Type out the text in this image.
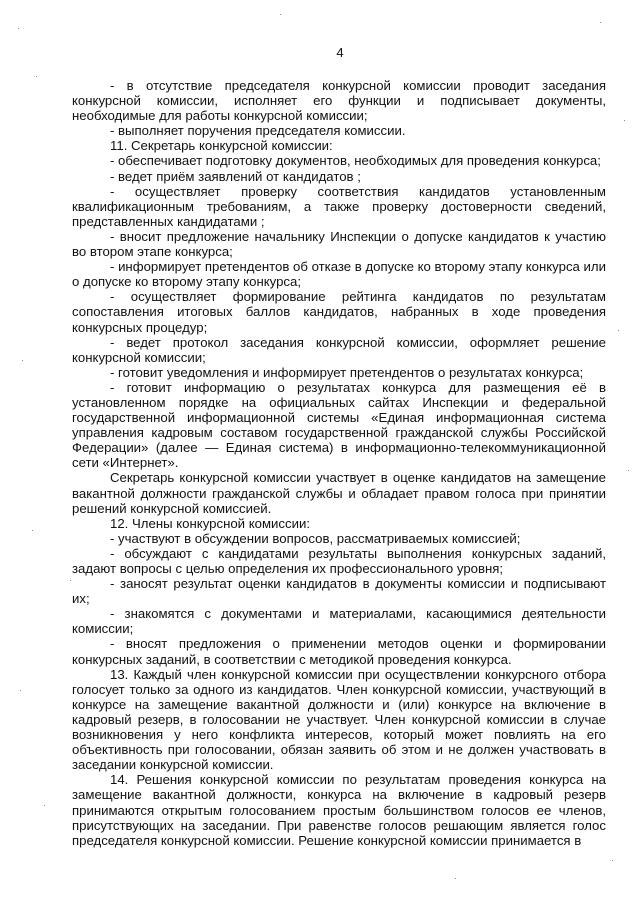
4

- в отсутствие председателя конкурсной комиссии проводит заседания конкурсной комиссии, исполняет его функции и подписывает документы, необходимые для работы конкурсной комиссии;

- выполняет поручения председателя комиссии.

11. Секретарь конкурсной комиссии:

- обеспечивает подготовку документов, необходимых для проведения конкурса;

- ведет приём заявлений от кандидатов ;

- осуществляет проверку соответствия кандидатов установленным квалификационным требованиям, а также проверку достоверности сведений, представленных кандидатами ;

- вносит предложение начальнику Инспекции о допуске кандидатов к участию во втором этапе конкурса;

- информирует претендентов об отказе в допуске ко второму этапу конкурса или о допуске ко второму этапу конкурса;

- осуществляет формирование рейтинга кандидатов по результатам сопоставления итоговых баллов кандидатов, набранных в ходе проведения конкурсных процедур;

- ведет протокол заседания конкурсной комиссии, оформляет решение конкурсной комиссии;

- готовит уведомления и информирует претендентов о результатах конкурса;

- готовит информацию о результатах конкурса для размещения её в установленном порядке на официальных сайтах Инспекции и федеральной государственной информационной системы «Единая информационная система управления кадровым составом государственной гражданской службы Российской Федерации» (далее — Единая система) в информационно-телекоммуникационной сети «Интернет».

Секретарь конкурсной комиссии участвует в оценке кандидатов на замещение вакантной должности гражданской службы и обладает правом голоса при принятии решений конкурсной комиссией.

12. Члены конкурсной комиссии:

- участвуют в обсуждении вопросов, рассматриваемых комиссией;

- обсуждают с кандидатами результаты выполнения конкурсных заданий, задают вопросы с целью определения их профессионального уровня;

- заносят результат оценки кандидатов в документы комиссии и подписывают их;

- знакомятся с документами и материалами, касающимися деятельности комиссии;

- вносят предложения о применении методов оценки и формировании конкурсных заданий, в соответствии с методикой проведения конкурса.

13. Каждый член конкурсной комиссии при осуществлении конкурсного отбора голосует только за одного из кандидатов. Член конкурсной комиссии, участвующий в конкурсе на замещение вакантной должности и (или) конкурсе на включение в кадровый резерв, в голосовании не участвует. Член конкурсной комиссии в случае возникновения у него конфликта интересов, который может повлиять на его объективность при голосовании, обязан заявить об этом и не должен участвовать в заседании конкурсной комиссии.

14. Решения конкурсной комиссии по результатам проведения конкурса на замещение вакантной должности, конкурса на включение в кадровый резерв принимаются открытым голосованием простым большинством голосов ее членов, присутствующих на заседании. При равенстве голосов решающим является голос председателя конкурсной комиссии. Решение конкурсной комиссии принимается в
